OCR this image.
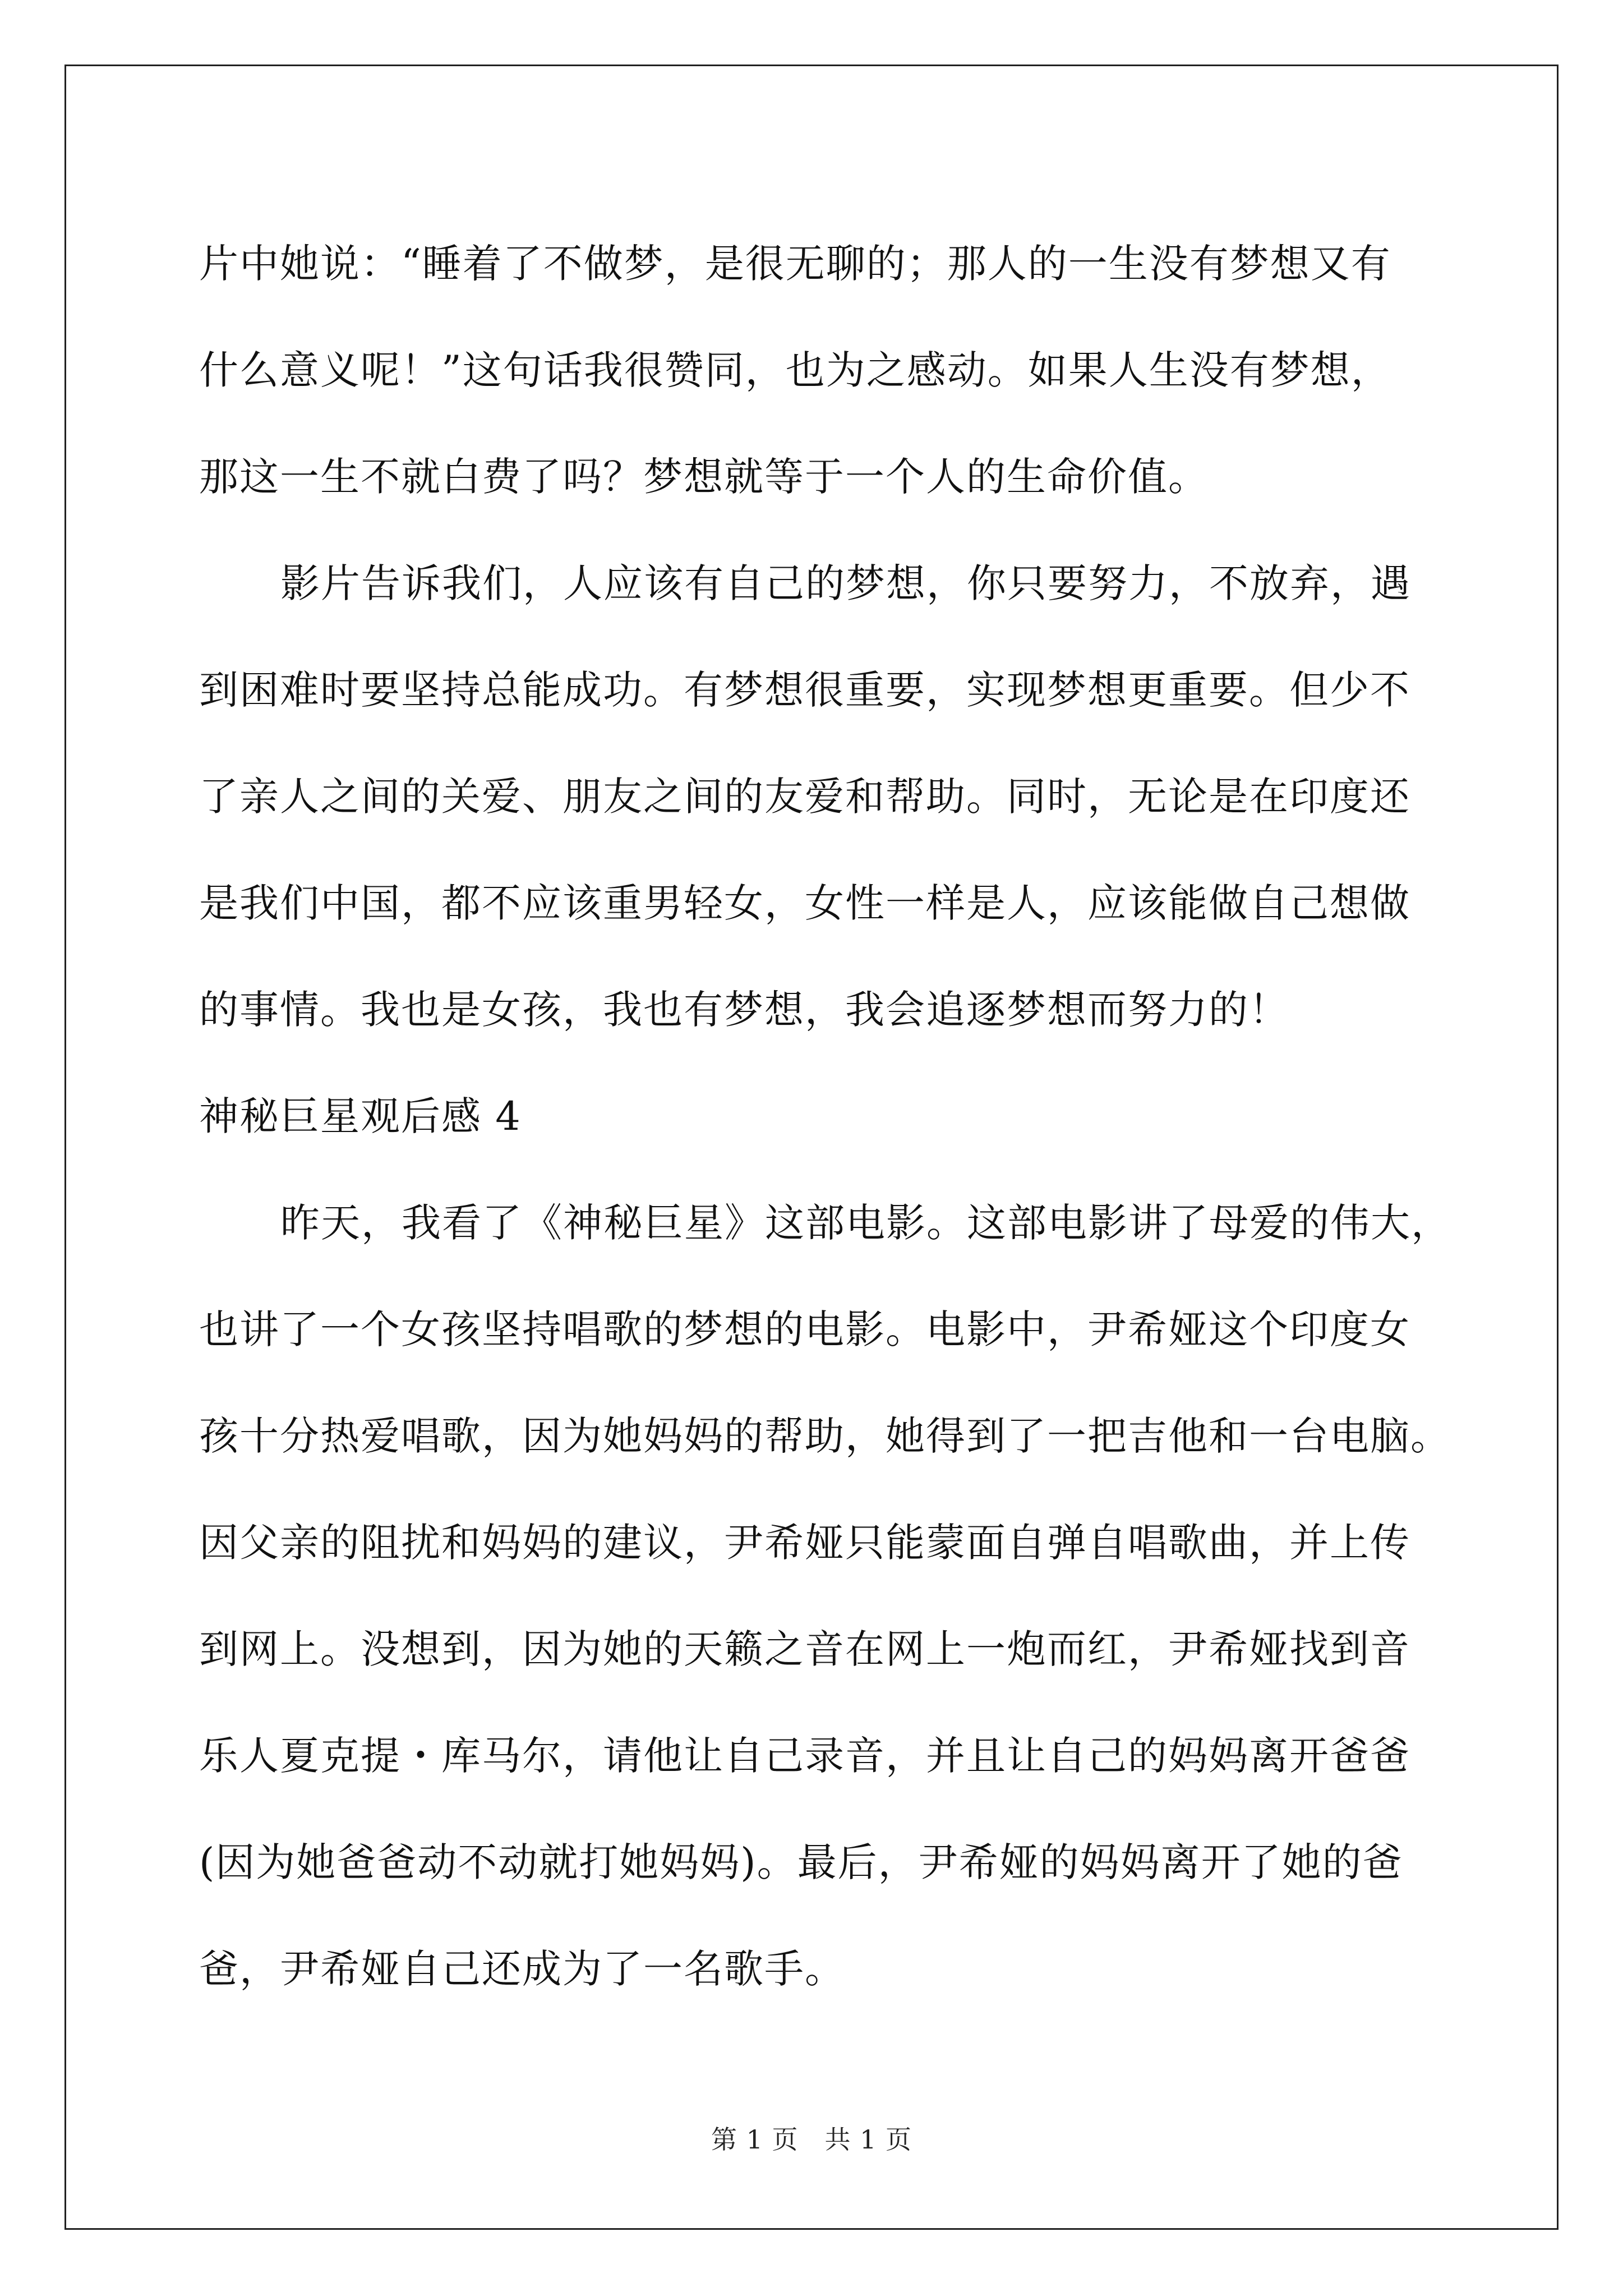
片中她说：“睡着了不做梦，是很无聊的；那人的一生没有梦想又有
什么意义呢！”这句话我很赞同，也为之感动。如果人生没有梦想，
那这一生不就白费了吗？梦想就等于一个人的生命价值。
影片告诉我们，人应该有自己的梦想，你只要努力，不放弃，遇
到困难时要坚持总能成功。有梦想很重要，实现梦想更重要。但少不
了亲人之间的关爱、朋友之间的友爱和帮助。同时，无论是在印度还
是我们中国，都不应该重男轻女，女性一样是人，应该能做自己想做
的事情。我也是女孩，我也有梦想，我会追逐梦想而努力的！
神秘巨星观后感 4
昨天，我看了《神秘巨星》这部电影。这部电影讲了母爱的伟大，
也讲了一个女孩坚持唱歌的梦想的电影。电影中，尹希娅这个印度女
孩十分热爱唱歌，因为她妈妈的帮助，她得到了一把吉他和一台电脑。
因父亲的阻扰和妈妈的建议，尹希娅只能蒙面自弹自唱歌曲，并上传
到网上。没想到，因为她的天籁之音在网上一炮而红，尹希娅找到音
乐人夏克提・库马尔，请他让自己录音，并且让自己的妈妈离开爸爸
(因为她爸爸动不动就打她妈妈)。最后，尹希娅的妈妈离开了她的爸
爸，尹希娅自己还成为了一名歌手。
第 1 页　共 1 页
